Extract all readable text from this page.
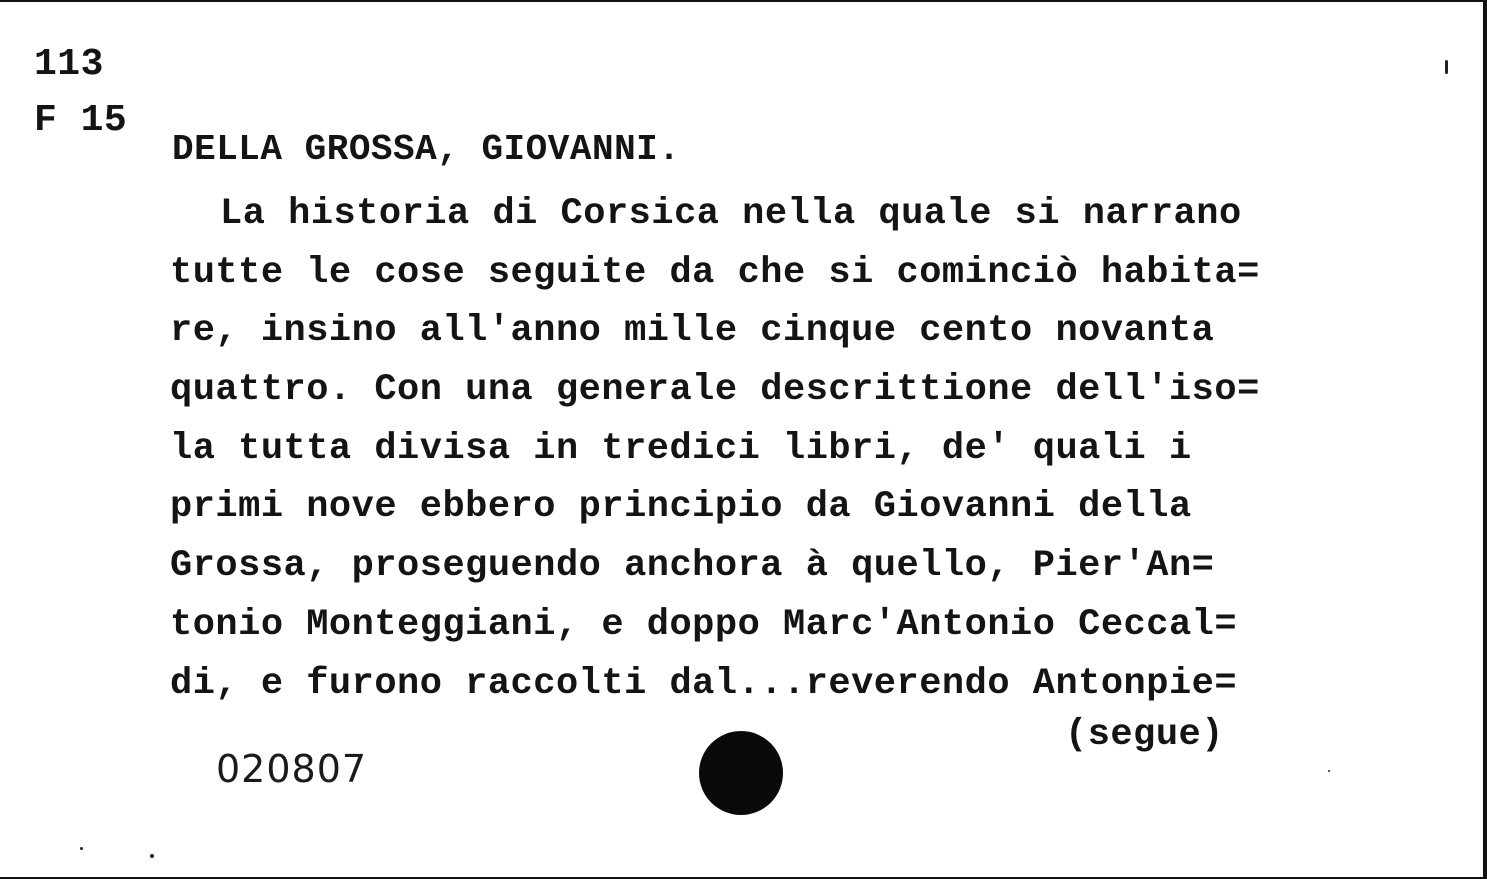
113
F 15
DELLA GROSSA, GIOVANNI.
La historia di Corsica nella quale si narrano
tutte le cose seguite da che si cominciò habita=
re, insino all'anno mille cinque cento novanta
quattro. Con una generale descrittione dell'iso=
la tutta divisa in tredici libri, de' quali i
primi nove ebbero principio da Giovanni della
Grossa, proseguendo anchora à quello, Pier'An=
tonio Monteggiani, e doppo Marc'Antonio Ceccal=
di, e furono raccolti dal...reverendo Antonpie=
(segue)
020807
